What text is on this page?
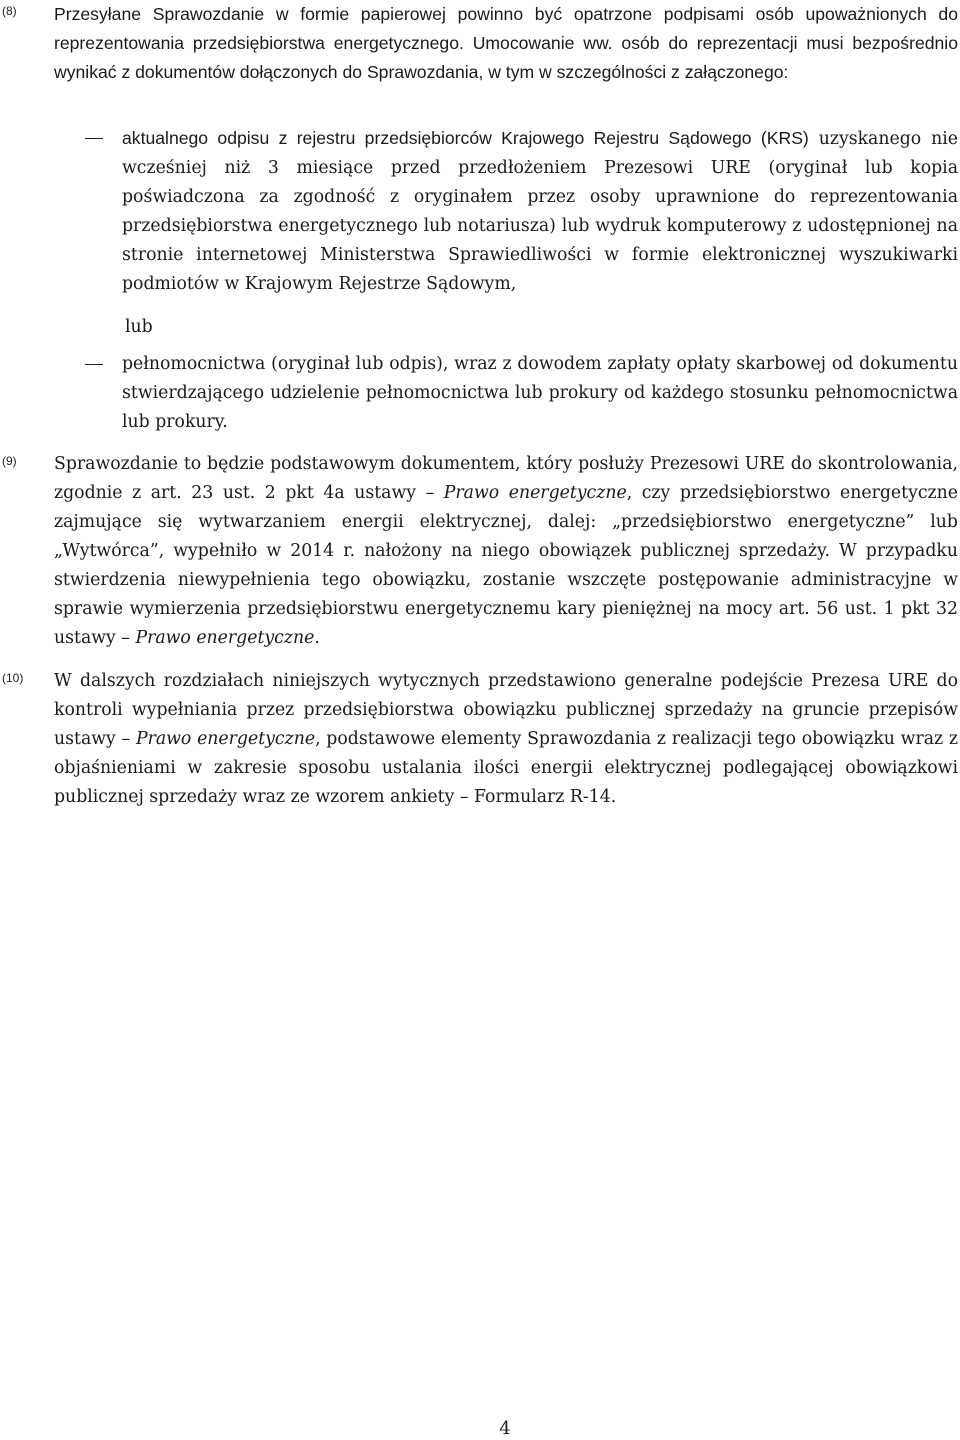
(8) Przesyłane Sprawozdanie w formie papierowej powinno być opatrzone podpisami osób upoważnionych do reprezentowania przedsiębiorstwa energetycznego. Umocowanie ww. osób do reprezentacji musi bezpośrednio wynikać z dokumentów dołączonych do Sprawozdania, w tym w szczególności z załączonego:
aktualnego odpisu z rejestru przedsiębiorców Krajowego Rejestru Sądowego (KRS) uzyskanego nie wcześniej niż 3 miesiące przed przedłożeniem Prezesowi URE (oryginał lub kopia poświadczona za zgodność z oryginałem przez osoby uprawnione do reprezentowania przedsiębiorstwa energetycznego lub notariusza) lub wydruk komputerowy z udostępnionej na stronie internetowej Ministerstwa Sprawiedliwości w formie elektronicznej wyszukiwarki podmiotów w Krajowym Rejestrze Sądowym,
lub
pełnomocnictwa (oryginał lub odpis), wraz z dowodem zapłaty opłaty skarbowej od dokumentu stwierdzającego udzielenie pełnomocnictwa lub prokury od każdego stosunku pełnomocnictwa lub prokury.
(9) Sprawozdanie to będzie podstawowym dokumentem, który posłuży Prezesowi URE do skontrolowania, zgodnie z art. 23 ust. 2 pkt 4a ustawy – Prawo energetyczne, czy przedsiębiorstwo energetyczne zajmujące się wytwarzaniem energii elektrycznej, dalej: „przedsiębiorstwo energetyczne” lub „Wytwórca”, wypełniło w 2014 r. nałożony na niego obowiązek publicznej sprzedaży. W przypadku stwierdzenia niewypełnienia tego obowiązku, zostanie wszczęte postępowanie administracyjne w sprawie wymierzenia przedsiębiorstwu energetycznemu kary pieniężnej na mocy art. 56 ust. 1 pkt 32 ustawy – Prawo energetyczne.
(10) W dalszych rozdziałach niniejszych wytycznych przedstawiono generalne podejście Prezesa URE do kontroli wypełniania przez przedsiębiorstwa obowiązku publicznej sprzedaży na gruncie przepisów ustawy – Prawo energetyczne, podstawowe elementy Sprawozdania z realizacji tego obowiązku wraz z objaśnieniami w zakresie sposobu ustalania ilości energii elektrycznej podlegającej obowiązkowi publicznej sprzedaży wraz ze wzorem ankiety – Formularz R-14.
4
